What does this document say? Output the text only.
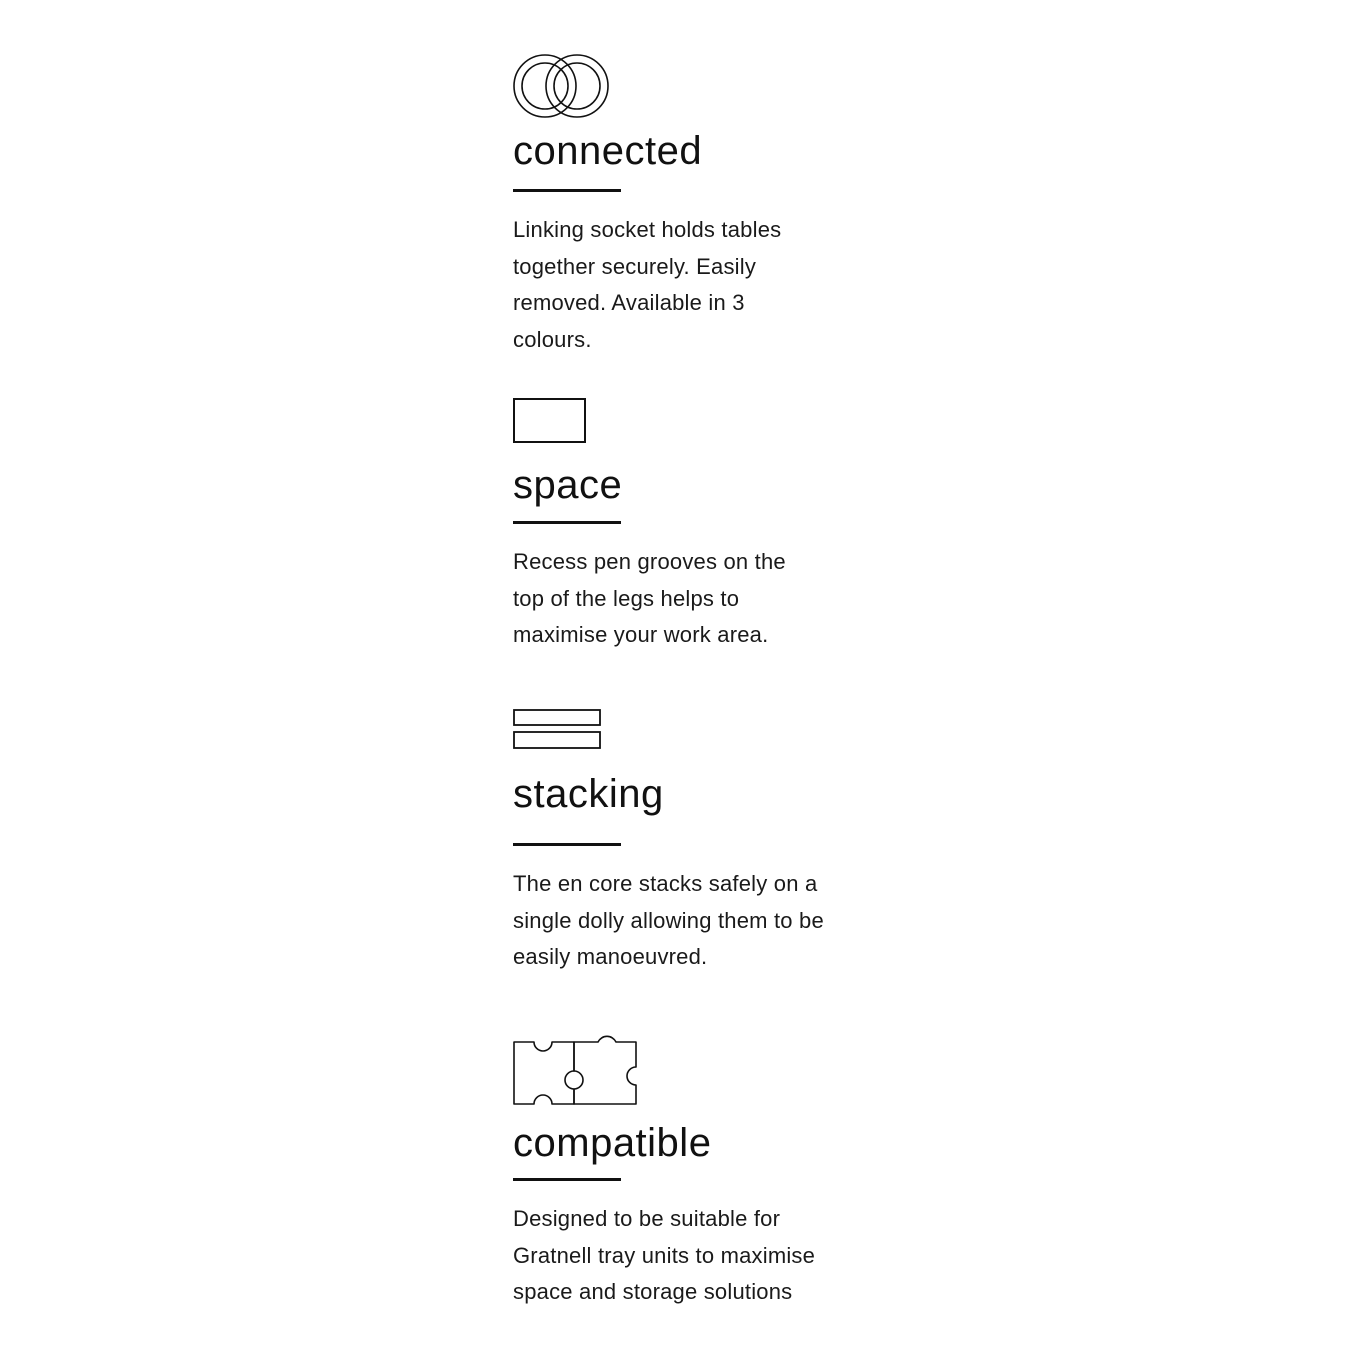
connected

Linking socket holds tables together securely. Easily removed. Available in 3 colours.

space

Recess pen grooves on the top of the legs helps to maximise your work area.

stacking

The en core stacks safely on a single dolly allowing them to be easily manoeuvred.

compatible

Designed to be suitable for Gratnell tray units to maximise space and storage solutions
